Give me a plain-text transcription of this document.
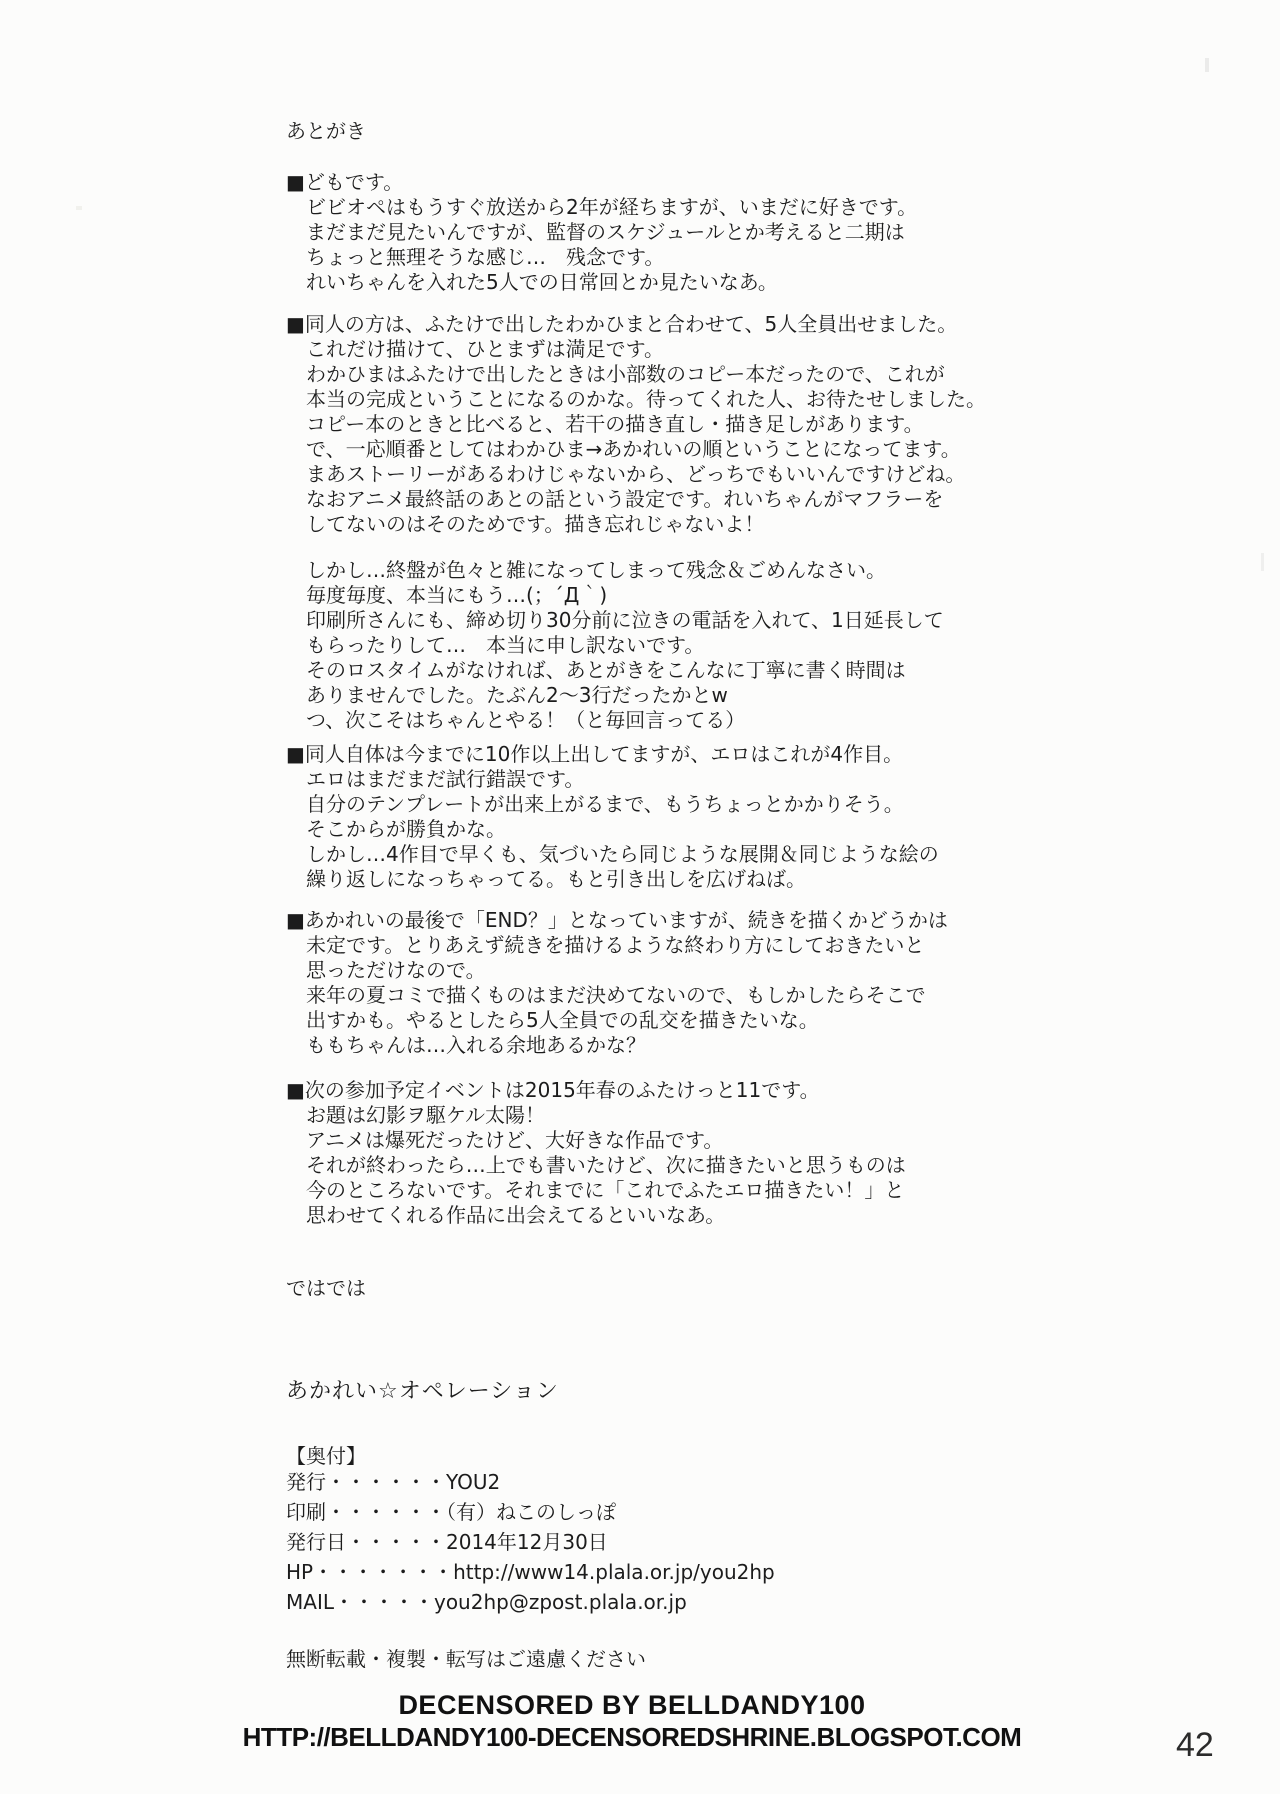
あとがき
■どもです。
　ビビオペはもうすぐ放送から2年が経ちますが、いまだに好きです。
　まだまだ見たいんですが、監督のスケジュールとか考えると二期は
　ちょっと無理そうな感じ…　残念です。
　れいちゃんを入れた5人での日常回とか見たいなあ。
■同人の方は、ふたけで出したわかひまと合わせて、5人全員出せました。
　これだけ描けて、ひとまずは満足です。
　わかひまはふたけで出したときは小部数のコピー本だったので、これが
　本当の完成ということになるのかな。待ってくれた人、お待たせしました。
　コピー本のときと比べると、若干の描き直し・描き足しがあります。
　で、一応順番としてはわかひま→あかれいの順ということになってます。
　まあストーリーがあるわけじゃないから、どっちでもいいんですけどね。
　なおアニメ最終話のあとの話という設定です。れいちゃんがマフラーを
　してないのはそのためです。描き忘れじゃないよ！
　しかし…終盤が色々と雑になってしまって残念＆ごめんなさい。
　毎度毎度、本当にもう…(；´Д｀)
　印刷所さんにも、締め切り30分前に泣きの電話を入れて、1日延長して
　もらったりして…　本当に申し訳ないです。
　そのロスタイムがなければ、あとがきをこんなに丁寧に書く時間は
　ありませんでした。たぶん2～3行だったかとw
　つ、次こそはちゃんとやる！（と毎回言ってる）
■同人自体は今までに10作以上出してますが、エロはこれが4作目。
　エロはまだまだ試行錯誤です。
　自分のテンプレートが出来上がるまで、もうちょっとかかりそう。
　そこからが勝負かな。
　しかし…4作目で早くも、気づいたら同じような展開＆同じような絵の
　繰り返しになっちゃってる。もと引き出しを広げねば。
■あかれいの最後で「END？」となっていますが、続きを描くかどうかは
　未定です。とりあえず続きを描けるような終わり方にしておきたいと
　思っただけなので。
　来年の夏コミで描くものはまだ決めてないので、もしかしたらそこで
　出すかも。やるとしたら5人全員での乱交を描きたいな。
　ももちゃんは…入れる余地あるかな？
■次の参加予定イベントは2015年春のふたけっと11です。
　お題は幻影ヲ駆ケル太陽！
　アニメは爆死だったけど、大好きな作品です。
　それが終わったら…上でも書いたけど、次に描きたいと思うものは
　今のところないです。それまでに「これでふたエロ描きたい！」と
　思わせてくれる作品に出会えてるといいなあ。
ではでは
あかれい☆オペレーション
【奥付】
発行・・・・・・YOU2
印刷・・・・・・（有）ねこのしっぽ
発行日・・・・・2014年12月30日
HP・・・・・・・http://www14.plala.or.jp/you2hp
MAIL・・・・・you2hp@zpost.plala.or.jp
無断転載・複製・転写はご遠慮ください
DECENSORED BY BELLDANDY100
HTTP://BELLDANDY100-DECENSOREDSHRINE.BLOGSPOT.COM	42
